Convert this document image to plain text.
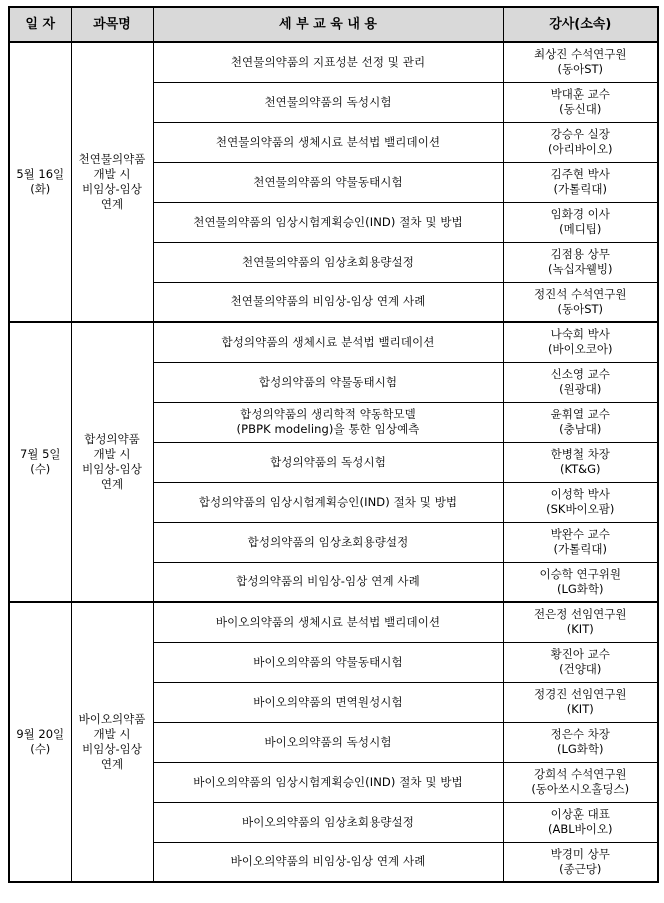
일 자	과목명	세 부 교 육 내 용	강사(소속)
5월 16일
(화)	천연물의약품
개발 시
비임상-임상
연계	천연물의약품의 지표성분 선정 및 관리	최상진 수석연구원
(동아ST)
		천연물의약품의 독성시험	박대훈 교수
(동신대)
		천연물의약품의 생체시료 분석법 밸리데이션	강승우 실장
(아리바이오)
		천연물의약품의 약물동태시험	김주현 박사
(가톨릭대)
		천연물의약품의 임상시험계획승인(IND) 절차 및 방법	임화경 이사
(메디팁)
		천연물의약품의 임상초회용량설정	김점용 상무
(녹십자웰빙)
		천연물의약품의 비임상-임상 연계 사례	정진석 수석연구원
(동아ST)
7월 5일
(수)	합성의약품
개발 시
비임상-임상
연계	합성의약품의 생체시료 분석법 밸리데이션	나숙희 박사
(바이오코아)
		합성의약품의 약물동태시험	신소영 교수
(원광대)
		합성의약품의 생리학적 약동학모델
(PBPK modeling)을 통한 임상예측	윤휘열 교수
(충남대)
		합성의약품의 독성시험	한병철 차장
(KT&G)
		합성의약품의 임상시험계획승인(IND) 절차 및 방법	이성학 박사
(SK바이오팜)
		합성의약품의 임상초회용량설정	박완수 교수
(가톨릭대)
		합성의약품의 비임상-임상 연계 사례	이승학 연구위원
(LG화학)
9월 20일
(수)	바이오의약품
개발 시
비임상-임상
연계	바이오의약품의 생체시료 분석법 밸리데이션	전은정 선임연구원
(KIT)
		바이오의약품의 약물동태시험	황진아 교수
(건양대)
		바이오의약품의 면역원성시험	정경진 선임연구원
(KIT)
		바이오의약품의 독성시험	정은수 차장
(LG화학)
		바이오의약품의 임상시험계획승인(IND) 절차 및 방법	강희석 수석연구원
(동아쏘시오홀딩스)
		바이오의약품의 임상초회용량설정	이상훈 대표
(ABL바이오)
		바이오의약품의 비임상-임상 연계 사례	박경미 상무
(종근당)
